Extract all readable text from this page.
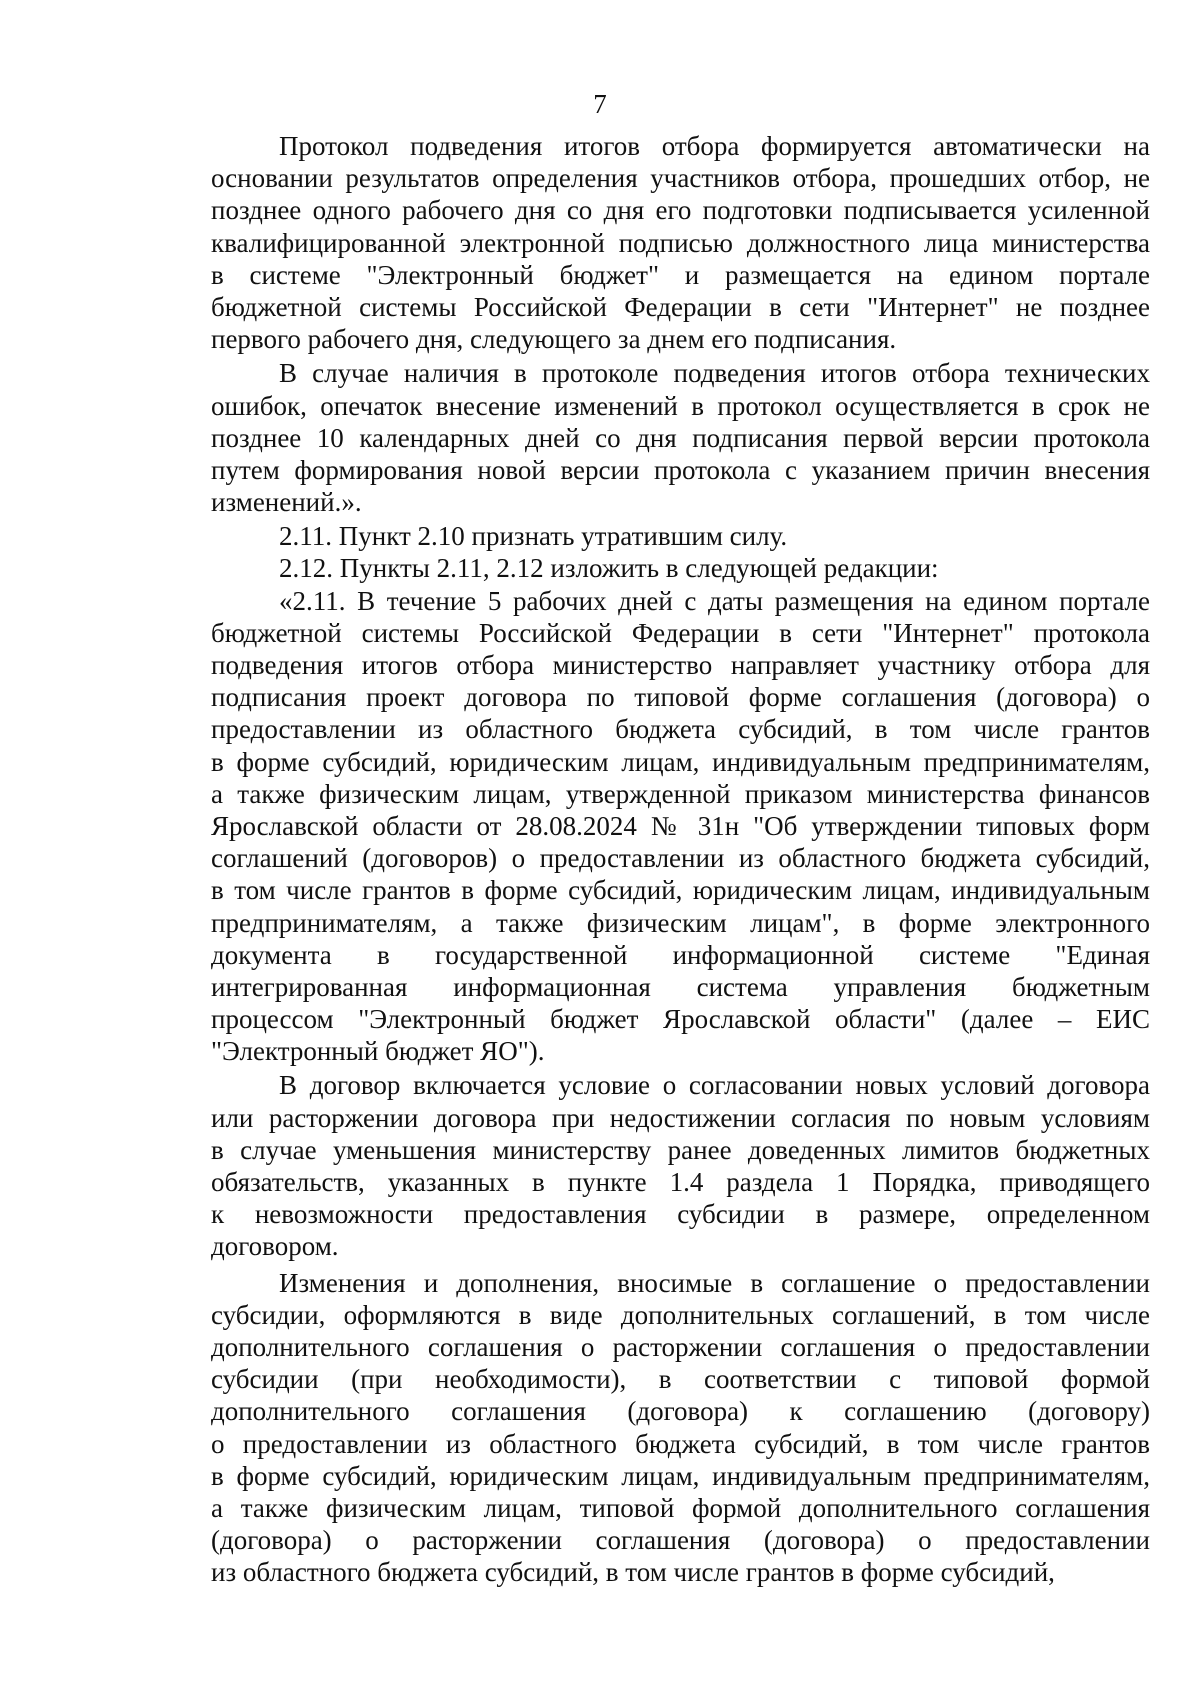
7
Протокол подведения итогов отбора формируется автоматически на
основании результатов определения участников отбора, прошедших отбор, не
позднее одного рабочего дня со дня его подготовки подписывается усиленной
квалифицированной электронной подписью должностного лица министерства
в системе "Электронный бюджет" и размещается на едином портале
бюджетной системы Российской Федерации в сети "Интернет" не позднее
первого рабочего дня, следующего за днем его подписания.
В случае наличия в протоколе подведения итогов отбора технических
ошибок, опечаток внесение изменений в протокол осуществляется в срок не
позднее 10 календарных дней со дня подписания первой версии протокола
путем формирования новой версии протокола с указанием причин внесения
изменений.».
2.11. Пункт 2.10 признать утратившим силу.
2.12. Пункты 2.11, 2.12 изложить в следующей редакции:
«2.11. В течение 5 рабочих дней с даты размещения на едином портале
бюджетной системы Российской Федерации в сети "Интернет" протокола
подведения итогов отбора министерство направляет участнику отбора для
подписания проект договора по типовой форме соглашения (договора) о
предоставлении из областного бюджета субсидий, в том числе грантов
в форме субсидий, юридическим лицам, индивидуальным предпринимателям,
а также физическим лицам, утвержденной приказом министерства финансов
Ярославской области от 28.08.2024 № 31н "Об утверждении типовых форм
соглашений (договоров) о предоставлении из областного бюджета субсидий,
в том числе грантов в форме субсидий, юридическим лицам, индивидуальным
предпринимателям, а также физическим лицам", в форме электронного
документа в государственной информационной системе "Единая
интегрированная информационная система управления бюджетным
процессом "Электронный бюджет Ярославской области" (далее – ЕИС
"Электронный бюджет ЯО").
В договор включается условие о согласовании новых условий договора
или расторжении договора при недостижении согласия по новым условиям
в случае уменьшения министерству ранее доведенных лимитов бюджетных
обязательств, указанных в пункте 1.4 раздела 1 Порядка, приводящего
к невозможности предоставления субсидии в размере, определенном
договором.
Изменения и дополнения, вносимые в соглашение о предоставлении
субсидии, оформляются в виде дополнительных соглашений, в том числе
дополнительного соглашения о расторжении соглашения о предоставлении
субсидии (при необходимости), в соответствии с типовой формой
дополнительного соглашения (договора) к соглашению (договору)
о предоставлении из областного бюджета субсидий, в том числе грантов
в форме субсидий, юридическим лицам, индивидуальным предпринимателям,
а также физическим лицам, типовой формой дополнительного соглашения
(договора) о расторжении соглашения (договора) о предоставлении
из областного бюджета субсидий, в том числе грантов в форме субсидий,
